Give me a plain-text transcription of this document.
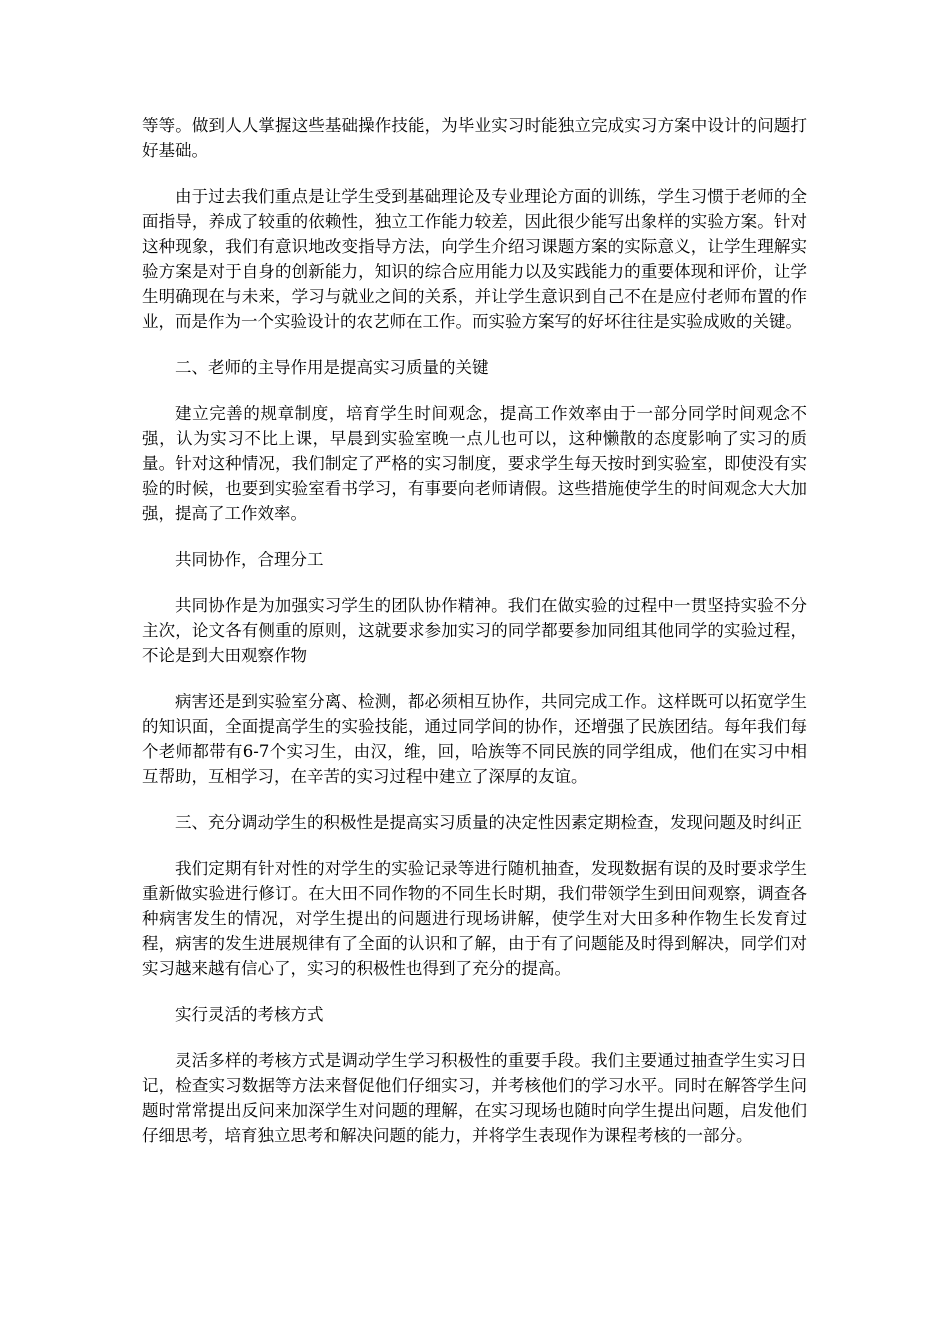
等等。做到人人掌握这些基础操作技能，为毕业实习时能独立完成实习方案中设计的问题打好基础。

由于过去我们重点是让学生受到基础理论及专业理论方面的训练，学生习惯于老师的全面指导，养成了较重的依赖性，独立工作能力较差，因此很少能写出象样的实验方案。针对这种现象，我们有意识地改变指导方法，向学生介绍习课题方案的实际意义，让学生理解实验方案是对于自身的创新能力，知识的综合应用能力以及实践能力的重要体现和评价，让学生明确现在与未来，学习与就业之间的关系，并让学生意识到自己不在是应付老师布置的作业，而是作为一个实验设计的农艺师在工作。而实验方案写的好坏往往是实验成败的关键。

二、老师的主导作用是提高实习质量的关键

建立完善的规章制度，培育学生时间观念，提高工作效率由于一部分同学时间观念不强，认为实习不比上课，早晨到实验室晚一点儿也可以，这种懒散的态度影响了实习的质量。针对这种情况，我们制定了严格的实习制度，要求学生每天按时到实验室，即使没有实验的时候，也要到实验室看书学习，有事要向老师请假。这些措施使学生的时间观念大大加强，提高了工作效率。

共同协作，合理分工

共同协作是为加强实习学生的团队协作精神。我们在做实验的过程中一贯坚持实验不分主次，论文各有侧重的原则，这就要求参加实习的同学都要参加同组其他同学的实验过程，不论是到大田观察作物

病害还是到实验室分离、检测，都必须相互协作，共同完成工作。这样既可以拓宽学生的知识面，全面提高学生的实验技能，通过同学间的协作，还增强了民族团结。每年我们每个老师都带有6-7个实习生，由汉，维，回，哈族等不同民族的同学组成，他们在实习中相互帮助，互相学习，在辛苦的实习过程中建立了深厚的友谊。

三、充分调动学生的积极性是提高实习质量的决定性因素定期检查，发现问题及时纠正

我们定期有针对性的对学生的实验记录等进行随机抽查，发现数据有误的及时要求学生重新做实验进行修订。在大田不同作物的不同生长时期，我们带领学生到田间观察，调查各种病害发生的情况，对学生提出的问题进行现场讲解，使学生对大田多种作物生长发育过程，病害的发生进展规律有了全面的认识和了解，由于有了问题能及时得到解决，同学们对实习越来越有信心了，实习的积极性也得到了充分的提高。

实行灵活的考核方式

灵活多样的考核方式是调动学生学习积极性的重要手段。我们主要通过抽查学生实习日记，检查实习数据等方法来督促他们仔细实习，并考核他们的学习水平。同时在解答学生问题时常常提出反问来加深学生对问题的理解，在实习现场也随时向学生提出问题，启发他们仔细思考，培育独立思考和解决问题的能力，并将学生表现作为课程考核的一部分。
